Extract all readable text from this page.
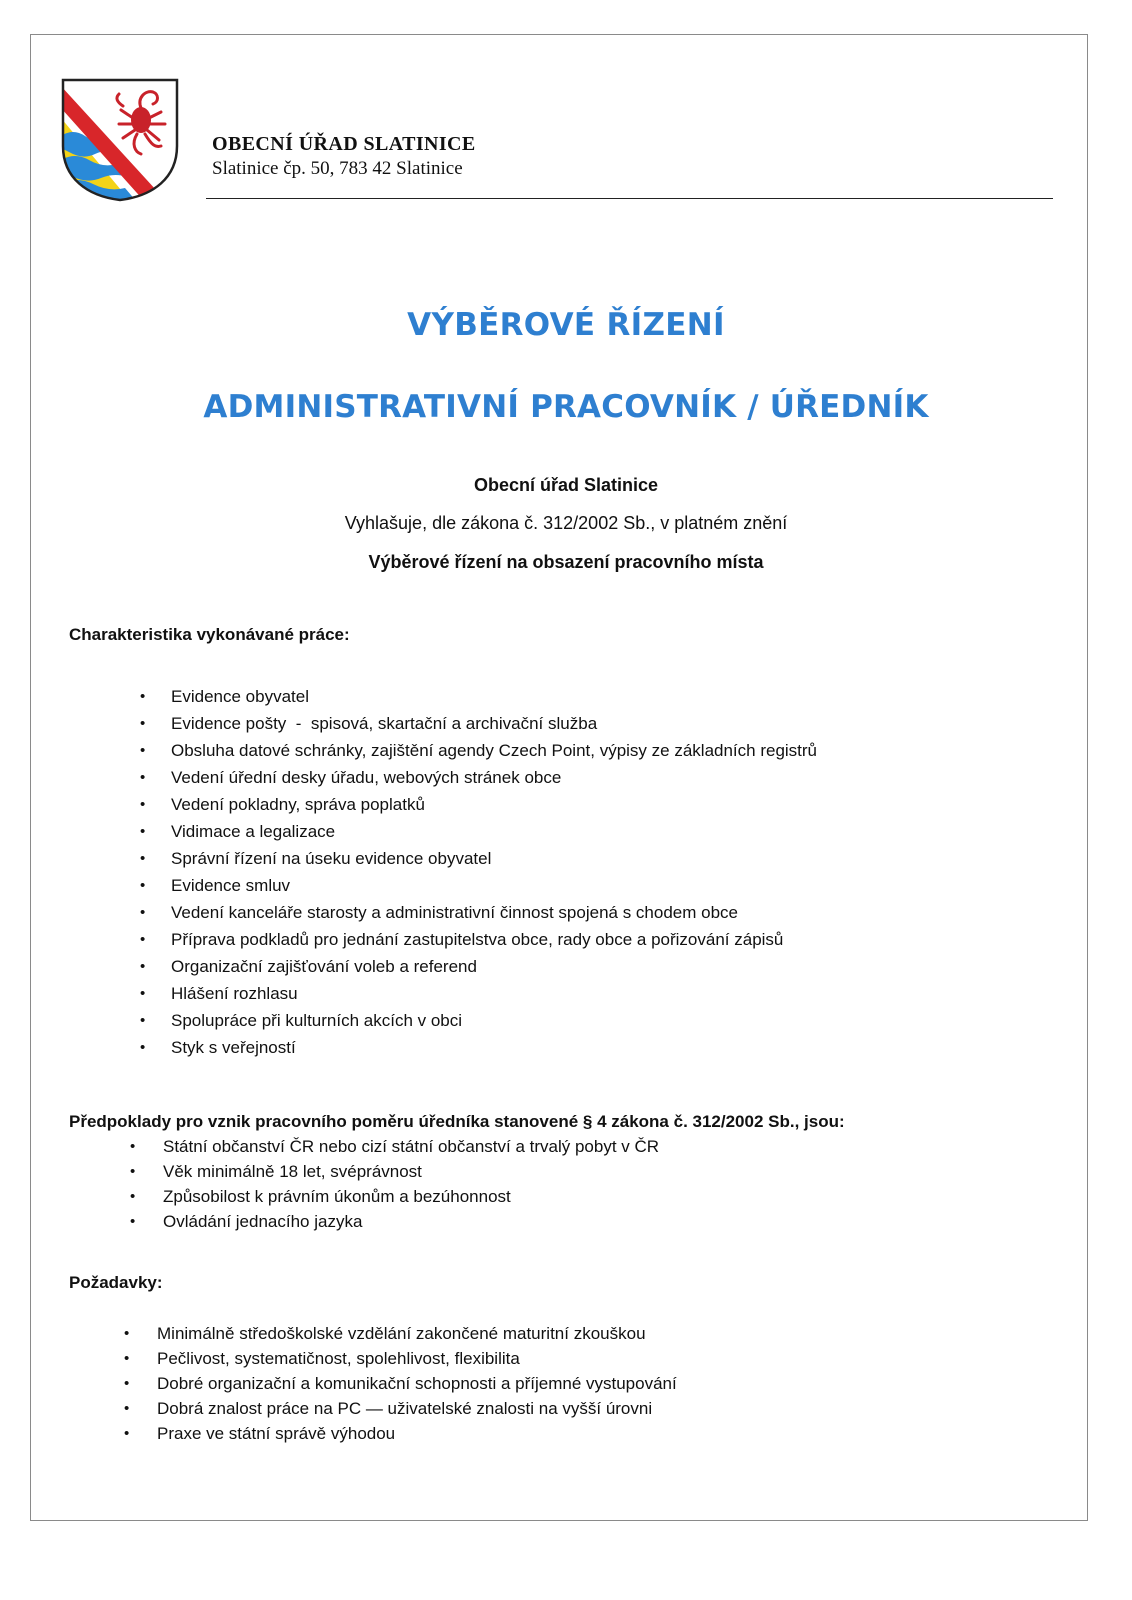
OBECNÍ ÚŘAD SLATINICE
Slatinice čp. 50, 783 42 Slatinice
VÝBĚROVÉ ŘÍZENÍ
ADMINISTRATIVNÍ PRACOVNÍK / ÚŘEDNÍK
Obecní úřad Slatinice
Vyhlašuje, dle zákona č. 312/2002 Sb., v platném znění
Výběrové řízení na obsazení pracovního místa
Charakteristika vykonávané práce:
• Evidence obyvatel
• Evidence pošty  -  spisová, skartační a archivační služba
• Obsluha datové schránky, zajištění agendy Czech Point, výpisy ze základních registrů
• Vedení úřední desky úřadu, webových stránek obce
• Vedení pokladny, správa poplatků
• Vidimace a legalizace
• Správní řízení na úseku evidence obyvatel
• Evidence smluv
• Vedení kanceláře starosty a administrativní činnost spojená s chodem obce
• Příprava podkladů pro jednání zastupitelstva obce, rady obce a pořizování zápisů
• Organizační zajišťování voleb a referend
• Hlášení rozhlasu
• Spolupráce při kulturních akcích v obci
• Styk s veřejností
Předpoklady pro vznik pracovního poměru úředníka stanovené § 4 zákona č. 312/2002 Sb., jsou:
• Státní občanství ČR nebo cizí státní občanství a trvalý pobyt v ČR
• Věk minimálně 18 let, svéprávnost
• Způsobilost k právním úkonům a bezúhonnost
• Ovládání jednacího jazyka
Požadavky:
• Minimálně středoškolské vzdělání zakončené maturitní zkouškou
• Pečlivost, systematičnost, spolehlivost, flexibilita
• Dobré organizační a komunikační schopnosti a příjemné vystupování
• Dobrá znalost práce na PC — uživatelské znalosti na vyšší úrovni
• Praxe ve státní správě výhodou
